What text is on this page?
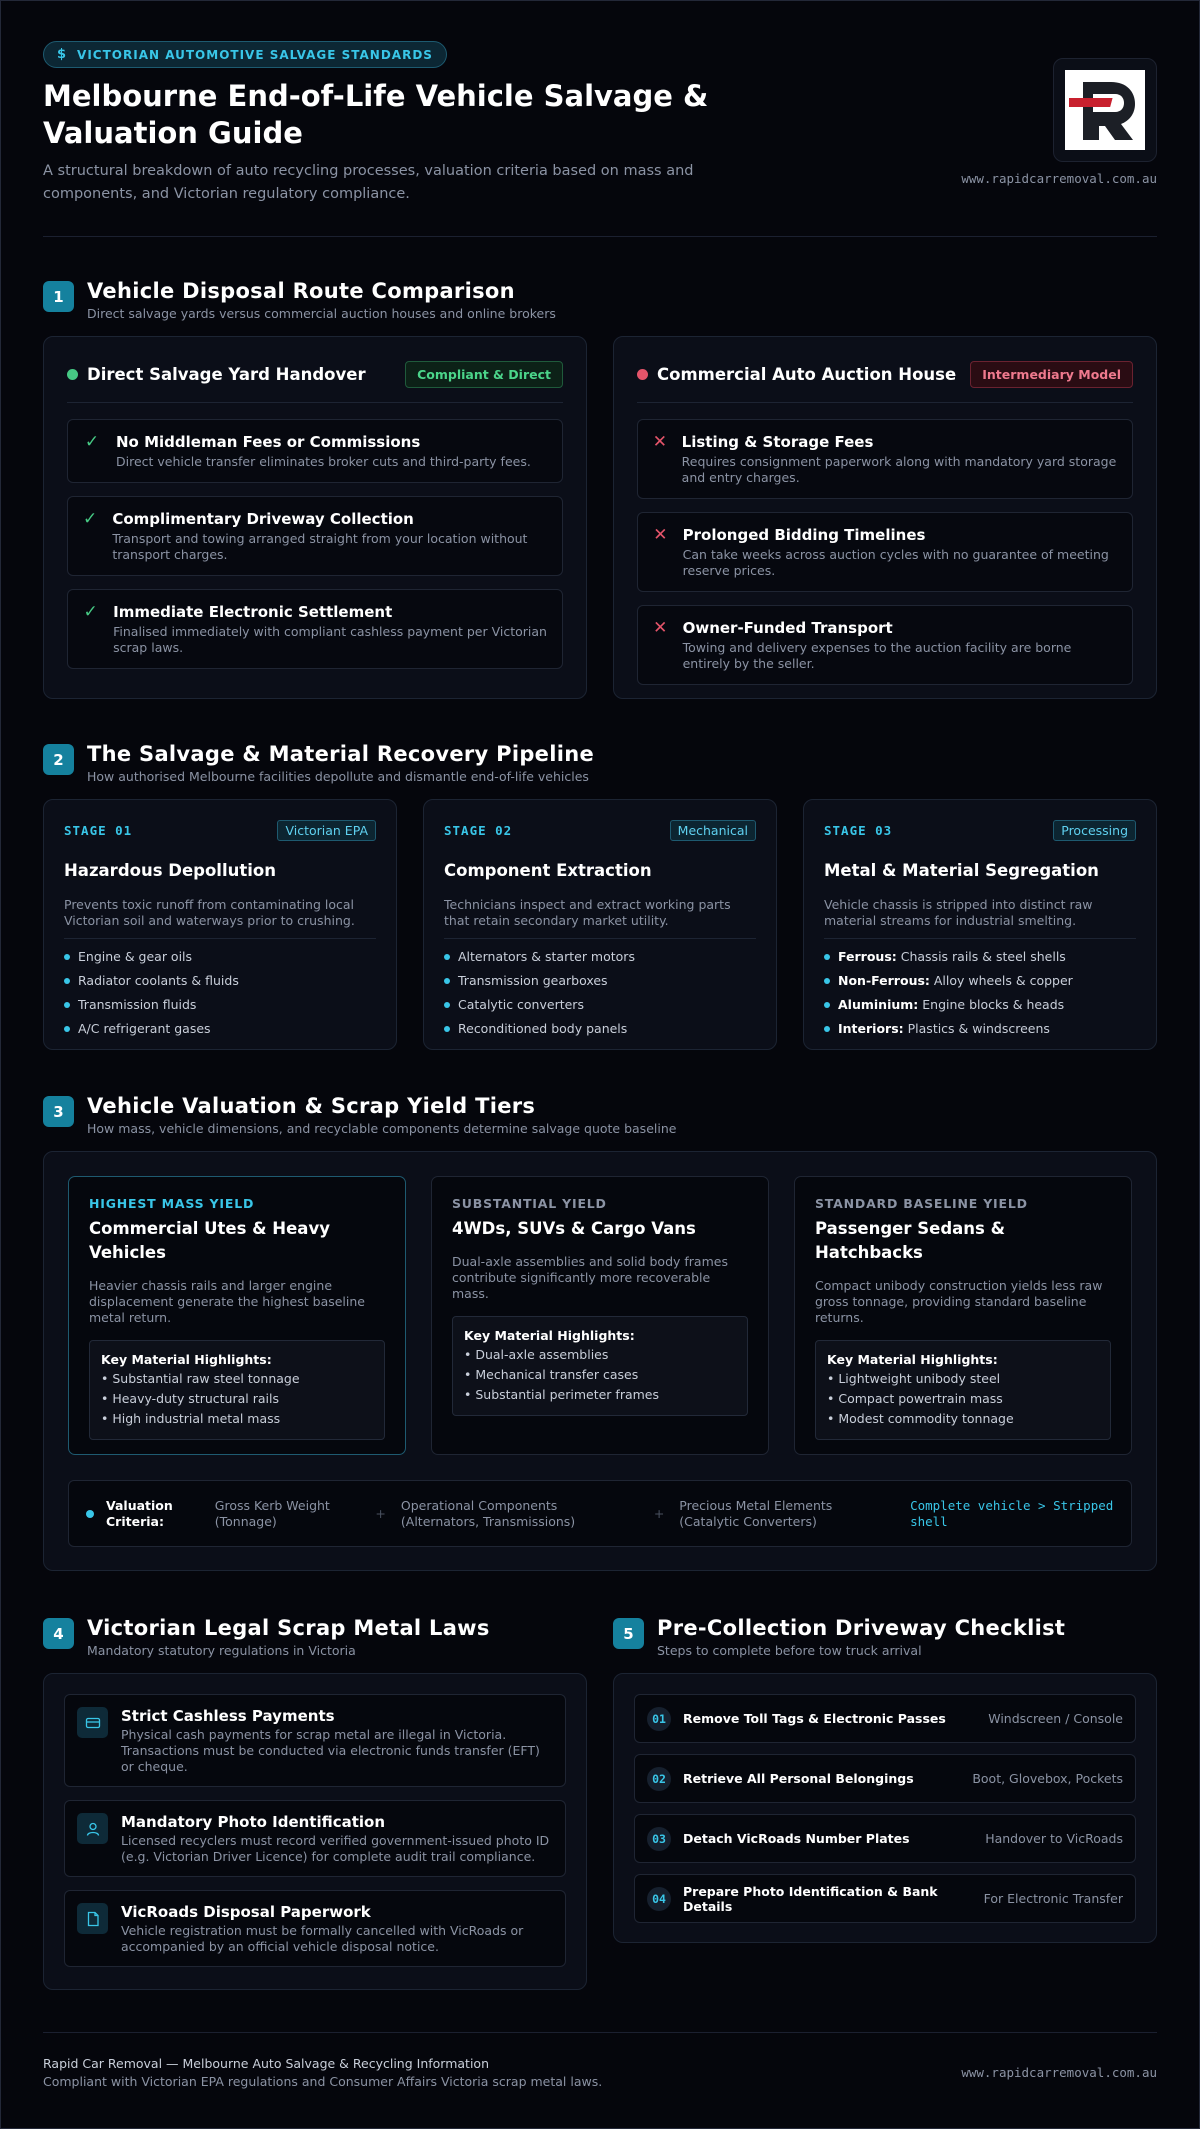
$ VICTORIAN AUTOMOTIVE SALVAGE STANDARDS
Melbourne End-of-Life Vehicle Salvage & Valuation Guide

A structural breakdown of auto recycling processes, valuation criteria based on mass and components, and Victorian regulatory compliance.

www.rapidcarremoval.com.au
1	Vehicle Disposal Route Comparison
Direct salvage yards versus commercial auction houses and online brokers
Direct Salvage Yard Handover	Compliant & Direct
✓ No Middleman Fees or Commissions
Direct vehicle transfer eliminates broker cuts and third-party fees.
✓ Complimentary Driveway Collection
Transport and towing arranged straight from your location without transport charges.
✓ Immediate Electronic Settlement
Finalised immediately with compliant cashless payment per Victorian scrap laws.
Commercial Auto Auction House	Intermediary Model
✕ Listing & Storage Fees
Requires consignment paperwork along with mandatory yard storage and entry charges.
✕ Prolonged Bidding Timelines
Can take weeks across auction cycles with no guarantee of meeting reserve prices.
✕ Owner-Funded Transport
Towing and delivery expenses to the auction facility are borne entirely by the seller.
2	The Salvage & Material Recovery Pipeline
How authorised Melbourne facilities depollute and dismantle end-of-life vehicles
STAGE 01	Victorian EPA
Hazardous Depollution
Prevents toxic runoff from contaminating local Victorian soil and waterways prior to crushing.
Engine & gear oils
Radiator coolants & fluids
Transmission fluids
A/C refrigerant gases
STAGE 02	Mechanical
Component Extraction
Technicians inspect and extract working parts that retain secondary market utility.
Alternators & starter motors
Transmission gearboxes
Catalytic converters
Reconditioned body panels
STAGE 03	Processing
Metal & Material Segregation
Vehicle chassis is stripped into distinct raw material streams for industrial smelting.
Ferrous: Chassis rails & steel shells
Non-Ferrous: Alloy wheels & copper
Aluminium: Engine blocks & heads
Interiors: Plastics & windscreens
3	Vehicle Valuation & Scrap Yield Tiers
How mass, vehicle dimensions, and recyclable components determine salvage quote baseline
HIGHEST MASS YIELD
Commercial Utes & Heavy Vehicles
Heavier chassis rails and larger engine displacement generate the highest baseline metal return.
Key Material Highlights:
• Substantial raw steel tonnage
• Heavy-duty structural rails
• High industrial metal mass
SUBSTANTIAL YIELD
4WDs, SUVs & Cargo Vans
Dual-axle assemblies and solid body frames contribute significantly more recoverable mass.
Key Material Highlights:
• Dual-axle assemblies
• Mechanical transfer cases
• Substantial perimeter frames
STANDARD BASELINE YIELD
Passenger Sedans & Hatchbacks
Compact unibody construction yields less raw gross tonnage, providing standard baseline returns.
Key Material Highlights:
• Lightweight unibody steel
• Compact powertrain mass
• Modest commodity tonnage
Valuation Criteria:
Gross Kerb Weight (Tonnage)	+
Operational Components (Alternators, Transmissions)	+
Precious Metal Elements (Catalytic Converters)
Complete vehicle > Stripped shell
4	Victorian Legal Scrap Metal Laws
Mandatory statutory regulations in Victoria
Strict Cashless Payments
Physical cash payments for scrap metal are illegal in Victoria. Transactions must be conducted via electronic funds transfer (EFT) or cheque.
Mandatory Photo Identification
Licensed recyclers must record verified government-issued photo ID (e.g. Victorian Driver Licence) for complete audit trail compliance.
VicRoads Disposal Paperwork
Vehicle registration must be formally cancelled with VicRoads or accompanied by an official vehicle disposal notice.
5	Pre-Collection Driveway Checklist
Steps to complete before tow truck arrival
01	Remove Toll Tags & Electronic Passes	Windscreen / Console
02	Retrieve All Personal Belongings	Boot, Glovebox, Pockets
03	Detach VicRoads Number Plates	Handover to VicRoads
04	Prepare Photo Identification & Bank Details	For Electronic Transfer
Rapid Car Removal — Melbourne Auto Salvage & Recycling Information
Compliant with Victorian EPA regulations and Consumer Affairs Victoria scrap metal laws.
www.rapidcarremoval.com.au
